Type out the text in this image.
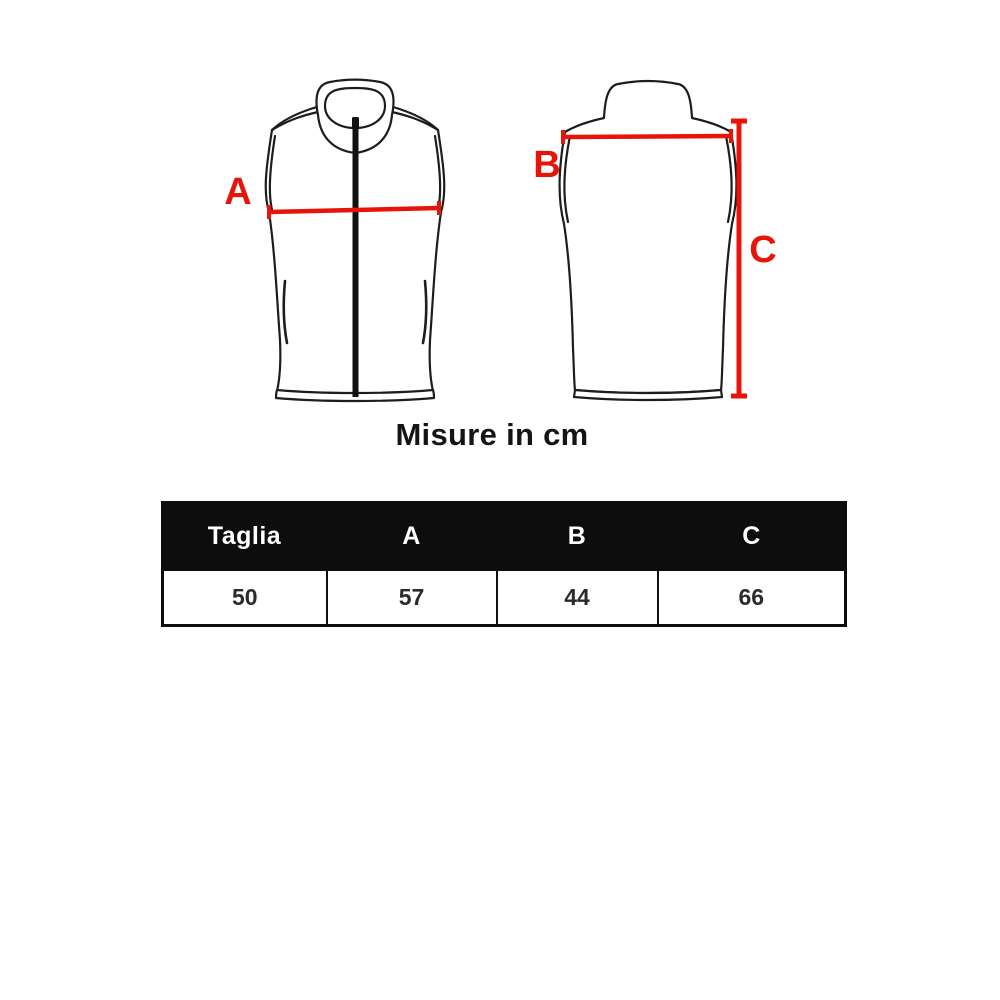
A
B
C
Misure in cm
Taglia	A	B	C
50	57	44	66
